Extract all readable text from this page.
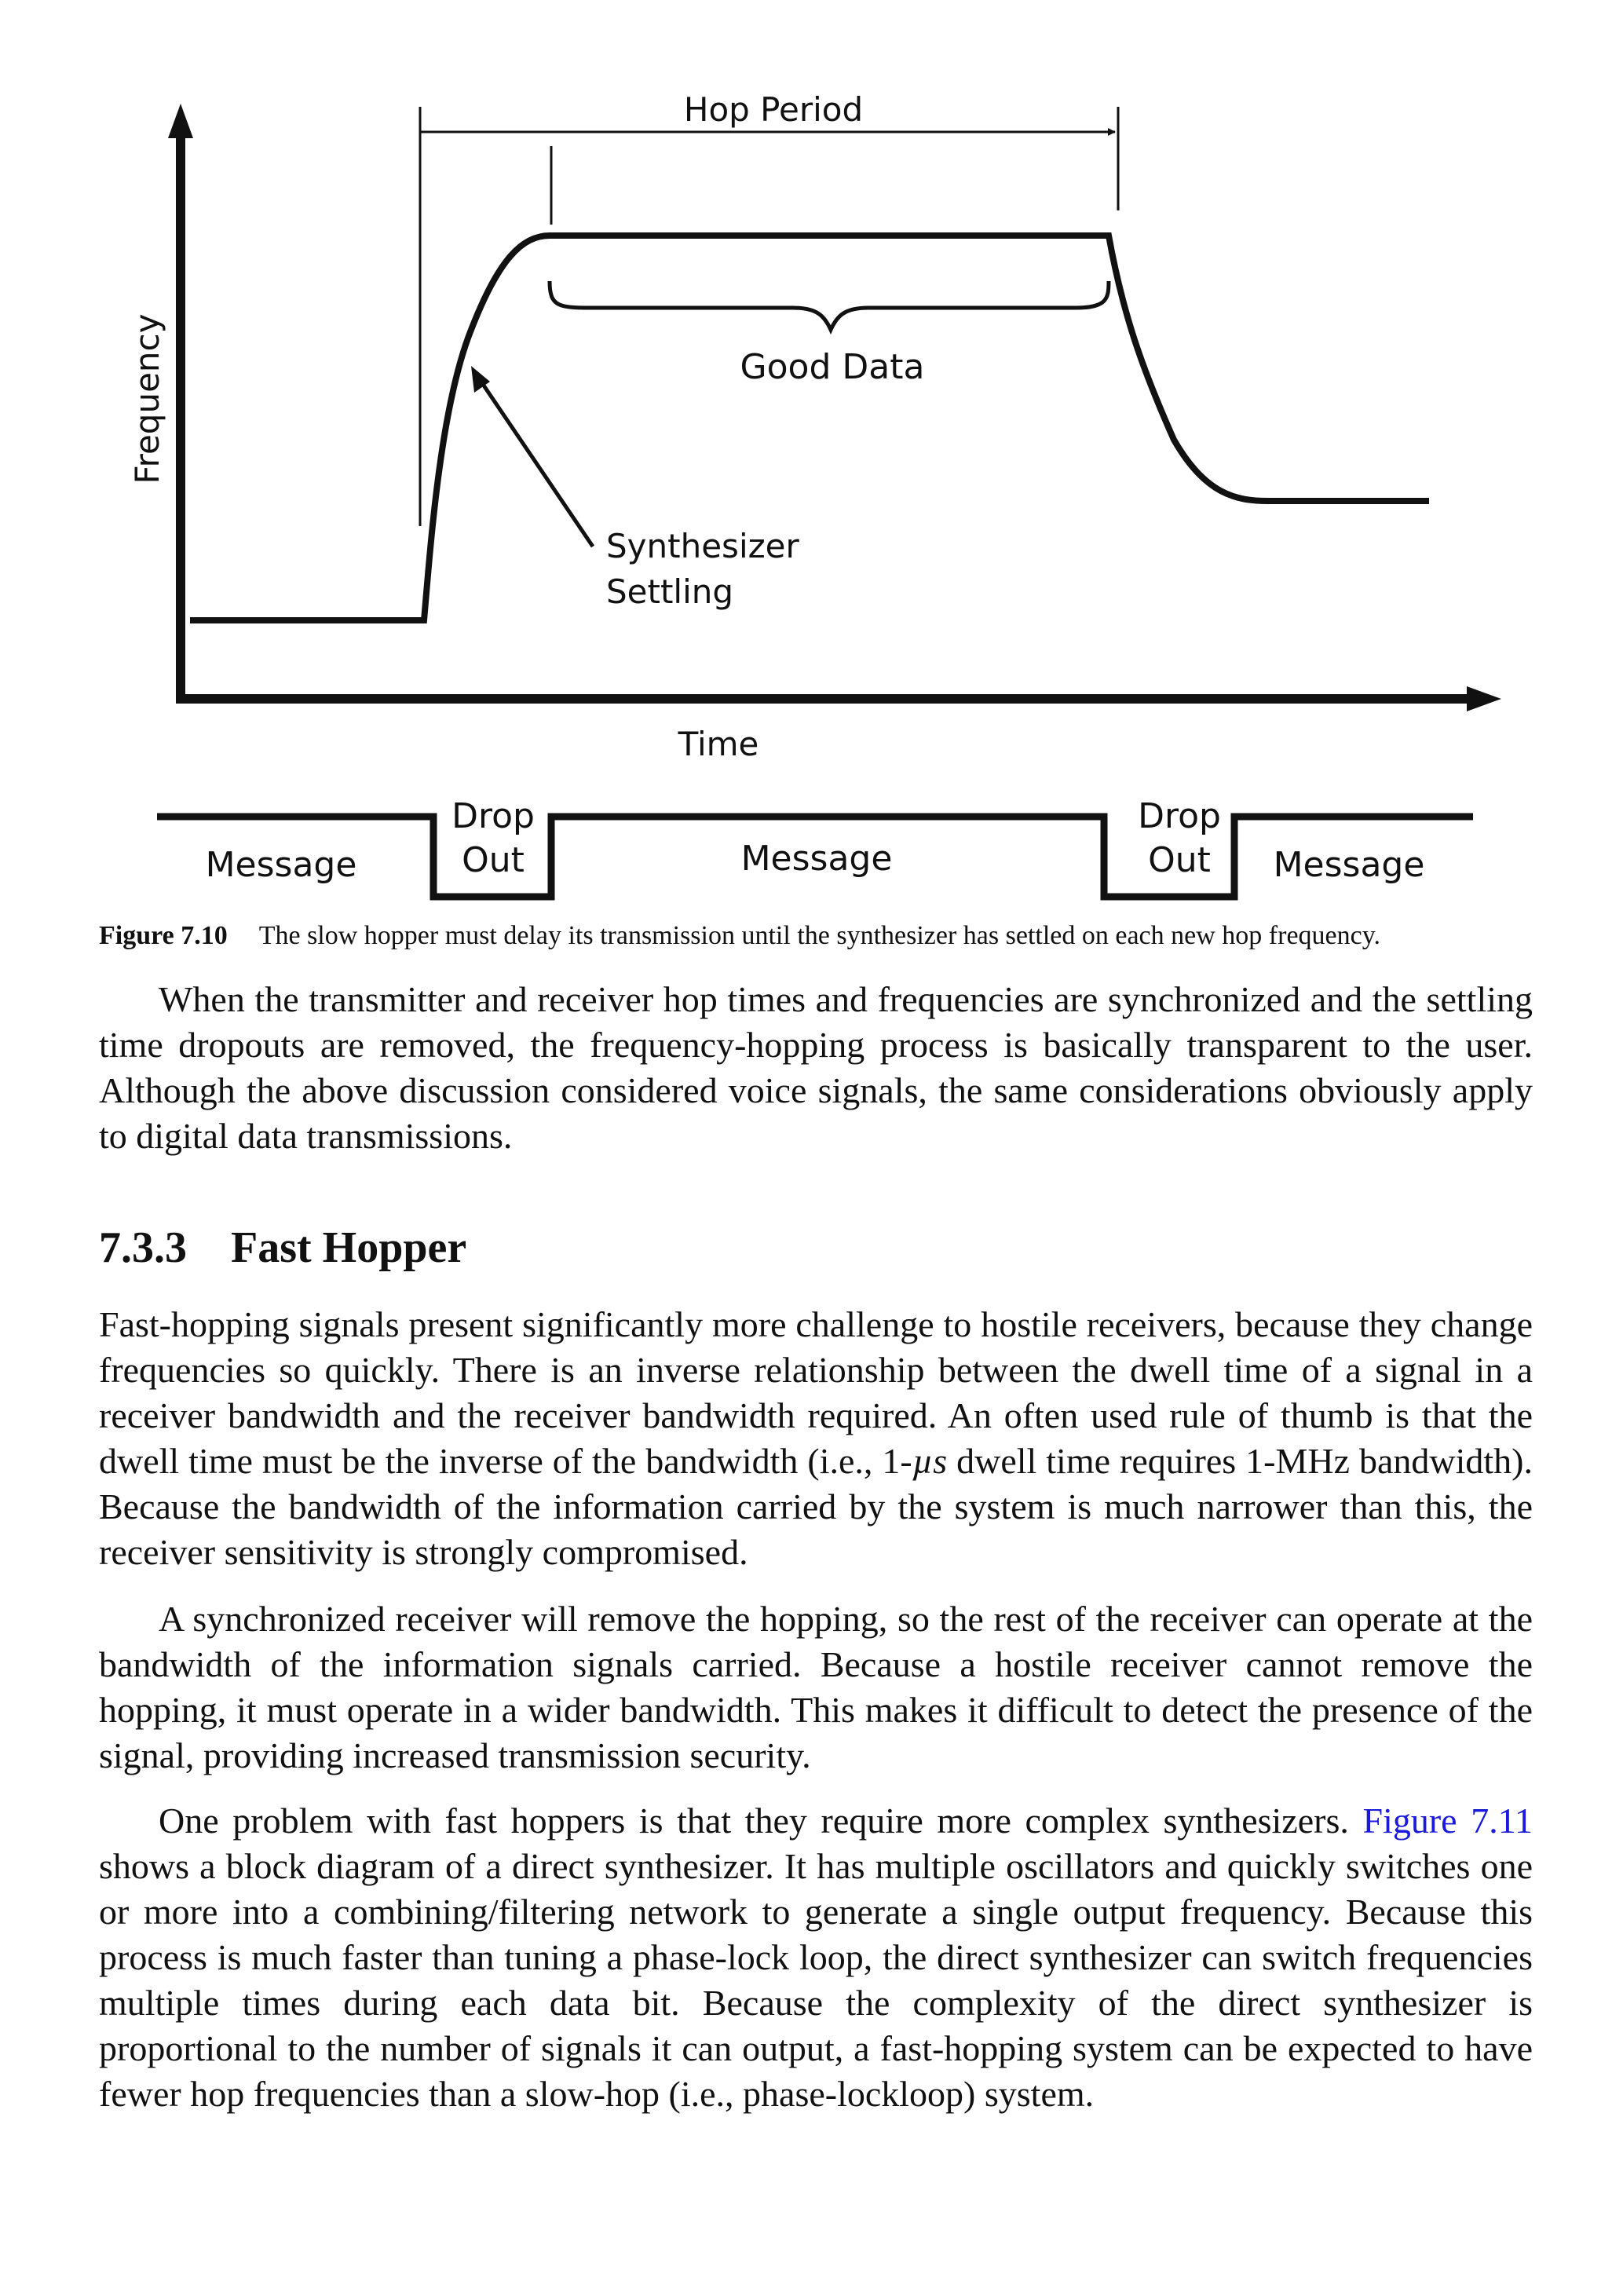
Hop Period
Good Data
Synthesizer
Settling
Frequency
Time
Message
Drop
Out	Message
Drop
Out Message
Figure 7.10 The slow hopper must delay its transmission until the synthesizer has settled on each new hop frequency.

When the transmitter and receiver hop times and frequencies are synchronized and the settling time dropouts are removed, the frequency-hopping process is basically transparent to the user. Although the above discussion considered voice signals, the same considerations obviously apply to digital data transmissions.

7.3.3 Fast Hopper

Fast-hopping signals present significantly more challenge to hostile receivers, because they change frequencies so quickly. There is an inverse relationship between the dwell time of a signal in a receiver bandwidth and the receiver bandwidth required. An often used rule of thumb is that the dwell time must be the inverse of the bandwidth (i.e., 1-µs dwell time requires 1-MHz bandwidth). Because the bandwidth of the information carried by the system is much narrower than this, the receiver sensitivity is strongly compromised.

A synchronized receiver will remove the hopping, so the rest of the receiver can operate at the bandwidth of the information signals carried. Because a hostile receiver cannot remove the hopping, it must operate in a wider bandwidth. This makes it difficult to detect the presence of the signal, providing increased transmission security.

One problem with fast hoppers is that they require more complex synthesizers. Figure 7.11 shows a block diagram of a direct synthesizer. It has multiple oscillators and quickly switches one or more into a combining/filtering network to generate a single output frequency. Because this process is much faster than tuning a phase-lock loop, the direct synthesizer can switch frequencies multiple times during each data bit. Because the complexity of the direct synthesizer is proportional to the number of signals it can output, a fast-hopping system can be expected to have fewer hop frequencies than a slow-hop (i.e., phase-lockloop) system.
